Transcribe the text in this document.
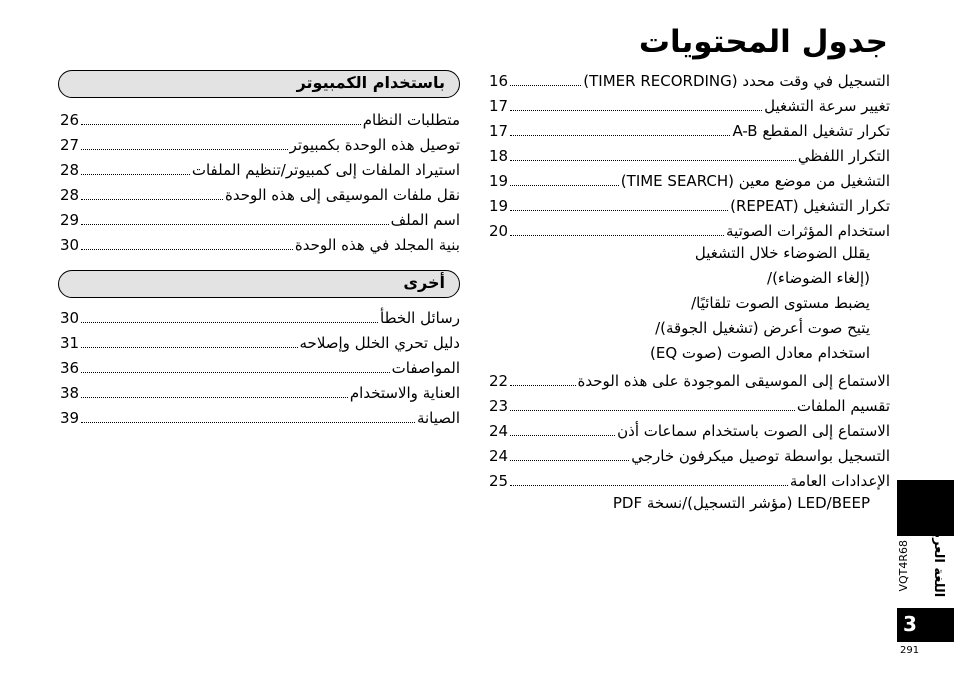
جدول المحتويات
16	التسجيل في وقت محدد (TIMER RECORDING)
17	تغيير سرعة التشغيل
17	تكرار تشغيل المقطع A-B
18	التكرار اللفظي
19	التشغيل من موضع معين (TIME SEARCH)
19	تكرار التشغيل (REPEAT)
20	استخدام المؤثرات الصوتية
يقلل الضوضاء خلال التشغيل
(إلغاء الضوضاء)/
يضبط مستوى الصوت تلقائيًا/
يتيح صوت أعرض (تشغيل الجوقة)/
استخدام معادل الصوت (صوت EQ)
22	الاستماع إلى الموسيقى الموجودة على هذه الوحدة
23	تقسيم الملفات
24	الاستماع إلى الصوت باستخدام سماعات أذن
24	التسجيل بواسطة توصيل ميكرفون خارجي
25	الإعدادات العامة
LED/BEEP (مؤشر التسجيل)/نسخة PDF
باستخدام الكمبيوتر
26	متطلبات النظام
27	توصيل هذه الوحدة بكمبيوتر
28	استيراد الملفات إلى كمبيوتر/تنظيم الملفات
28	نقل ملفات الموسيقى إلى هذه الوحدة
29	اسم الملف
30	بنية المجلد في هذه الوحدة
أخرى
30	رسائل الخطأ
31	دليل تحري الخلل وإصلاحه
36	المواصفات
38	العناية والاستخدام
39	الصيانة
اللغة العربية
VQT4R68
3
291
